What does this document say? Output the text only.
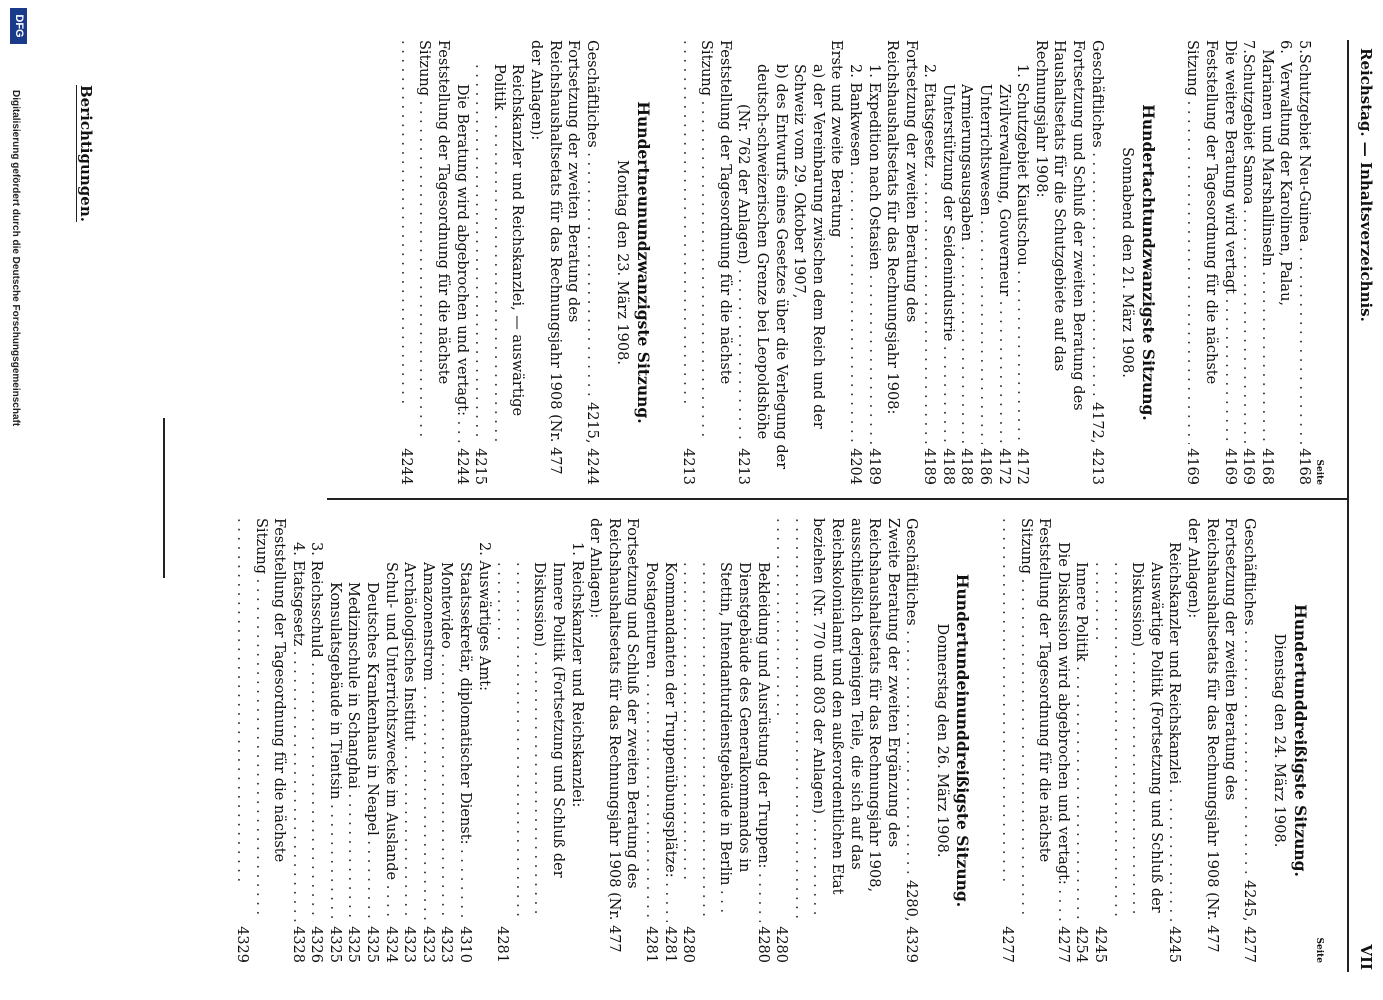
Reichstag. — Inhaltsverzeichnis.
VII
Seite
5.
Schutzgebiet Neu-Guinea . . .
4168
6.
Verwaltung der Karolinen, Palau,
Marianen und Marshallinseln . . .
4168
7.
Schutzgebiet Samoa . . .
4169
Die weitere Beratung wird vertagt . . .
4169
Feststellung der Tagesordnung für die nächste
Sitzung . . .
4169
Hundertachtundzwanzigste Sitzung.
Sonnabend den 21. März 1908.
Geschäftliches . . .
4172, 4213
Fortsetzung und Schluß der zweiten Beratung des Haushaltsetats für die Schutzgebiete auf das Rechnungsjahr 1908:
1. Schutzgebiet Kiautschou . . .
4172
Zivilverwaltung, Gouverneur . . .
4172
Unterrichtswesen . . .
4186
Armierungsausgaben . . .
4188
Unterstützung der Seidenindustrie . . .
4188
2. Etatsgesetz . . .
4189
Fortsetzung der zweiten Beratung des Reichshaushaltsetats für das Rechnungsjahr 1908:
1. Expedition nach Ostasien . . .
4189
2. Bankwesen . . .
4204
Erste und zweite Beratung
a) der Vereinbarung zwischen dem Reich und der Schweiz vom 29. Oktober 1907,
b) des Entwurfs eines Gesetzes über die Verlegung der deutsch-schweizerischen Grenze bei Leopoldshöhe
(Nr. 762 der Anlagen) . . .
4213
Feststellung der Tagesordnung für die nächste Sitzung . . .
4213
Hundertneunundzwanzigste Sitzung.
Montag den 23. März 1908.
Geschäftliches . . .
4215, 4244
Fortsetzung der zweiten Beratung des Reichshaushaltsetats für das Rechnungsjahr 1908 (Nr. 477 der Anlagen):
Reichskanzler und Reichskanzlei, — auswärtige Politik . . .
4215
Die Beratung wird abgebrochen und vertagt: . . .
4244
Feststellung der Tagesordnung für die nächste Sitzung . . .
4244
Seite
Hundertunddreißigste Sitzung.
Dienstag den 24. März 1908.
Geschäftliches . . .
4245, 4277
Fortsetzung der zweiten Beratung des Reichshaushaltsetats für das Rechnungsjahr 1908 (Nr. 477 der Anlagen):
Reichskanzler und Reichskanzlei . . .
4245
Auswärtige Politik (Fortsetzung und Schluß der Diskussion) . . .
4245
Innere Politik . . .
4254
Die Diskussion wird abgebrochen und vertagt: . . .
4277
Feststellung der Tagesordnung für die nächste Sitzung . . .
4277
Hundertundeinunddreißigste Sitzung.
Donnerstag den 26. März 1908.
Geschäftliches . . .
4280, 4329
Zweite Beratung der zweiten Ergänzung des Reichshaushaltsetats für das Rechnungsjahr 1908, ausschließlich derjenigen Teile, die sich auf das Reichskolonialamt und den außerordentlichen Etat beziehen (Nr. 770 und 803 der Anlagen) . . .
4280
Bekleidung und Ausrüstung der Truppen: . . .
4280
Dienstgebäude des Generalkommandos in Stettin, Intendanturdienstgebäude in Berlin . . .
4280
Kommandanten der Truppenübungsplätze: . . .
4281
Postagenturen . . .
4281
Fortsetzung und Schluß der zweiten Beratung des Reichshaushaltsetats für das Rechnungsjahr 1908 (Nr. 477 der Anlagen):
1. Reichskanzler und Reichskanzlei:
Innere Politik (Fortsetzung und Schluß der Diskussion) . . .
4281
2. Auswärtiges Amt:
Staatssekretär, diplomatischer Dienst: . . .
4310
Montevideo . . .
4323
Amazonenstrom . . .
4323
Archäologisches Institut . . .
4323
Schul- und Unterrichtszwecke im Auslande . . .
4324
Deutsches Krankenhaus in Neapel . . .
4325
Medizinschule in Schanghai . . .
4325
Konsulatsgebäude in Tientsin . . .
4325
3. Reichsschuld . . .
4326
4. Etatsgesetz . . .
4328
Feststellung der Tagesordnung für die nächste Sitzung . . .
4329
Berichtigungen.
DFG
Digitalisierung gefördert durch die Deutsche Forschungsgemeinschaft
